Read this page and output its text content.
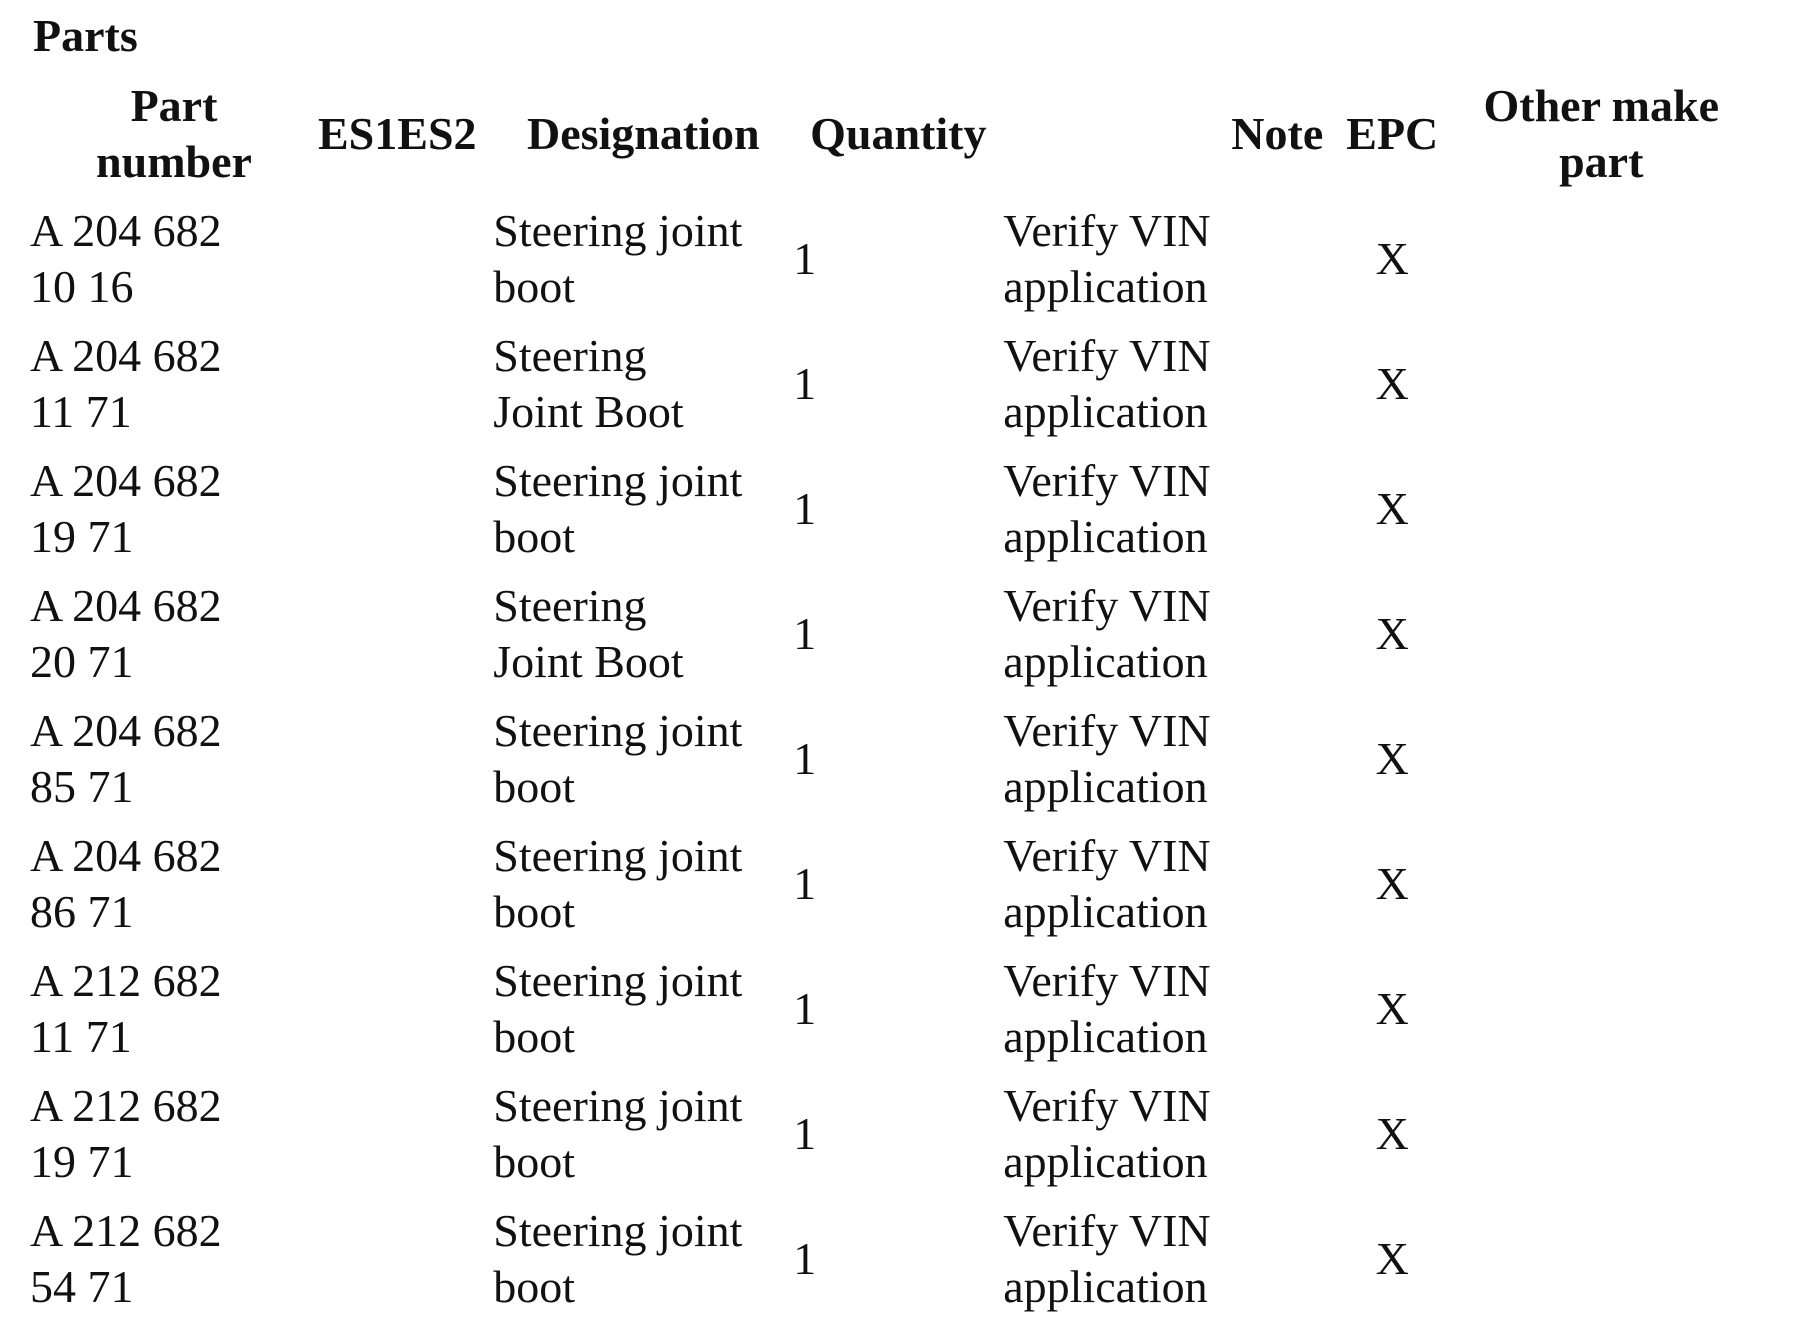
Parts
Part number	ES1	ES2	Designation	Quantity	Note	EPC	Other make part
A 204 682 10 16			Steering joint boot	1	Verify VIN application	X	
A 204 682 11 71			Steering Joint Boot	1	Verify VIN application	X	
A 204 682 19 71			Steering joint boot	1	Verify VIN application	X	
A 204 682 20 71			Steering Joint Boot	1	Verify VIN application	X	
A 204 682 85 71			Steering joint boot	1	Verify VIN application	X	
A 204 682 86 71			Steering joint boot	1	Verify VIN application	X	
A 212 682 11 71			Steering joint boot	1	Verify VIN application	X	
A 212 682 19 71			Steering joint boot	1	Verify VIN application	X	
A 212 682 54 71			Steering joint boot	1	Verify VIN application	X	
